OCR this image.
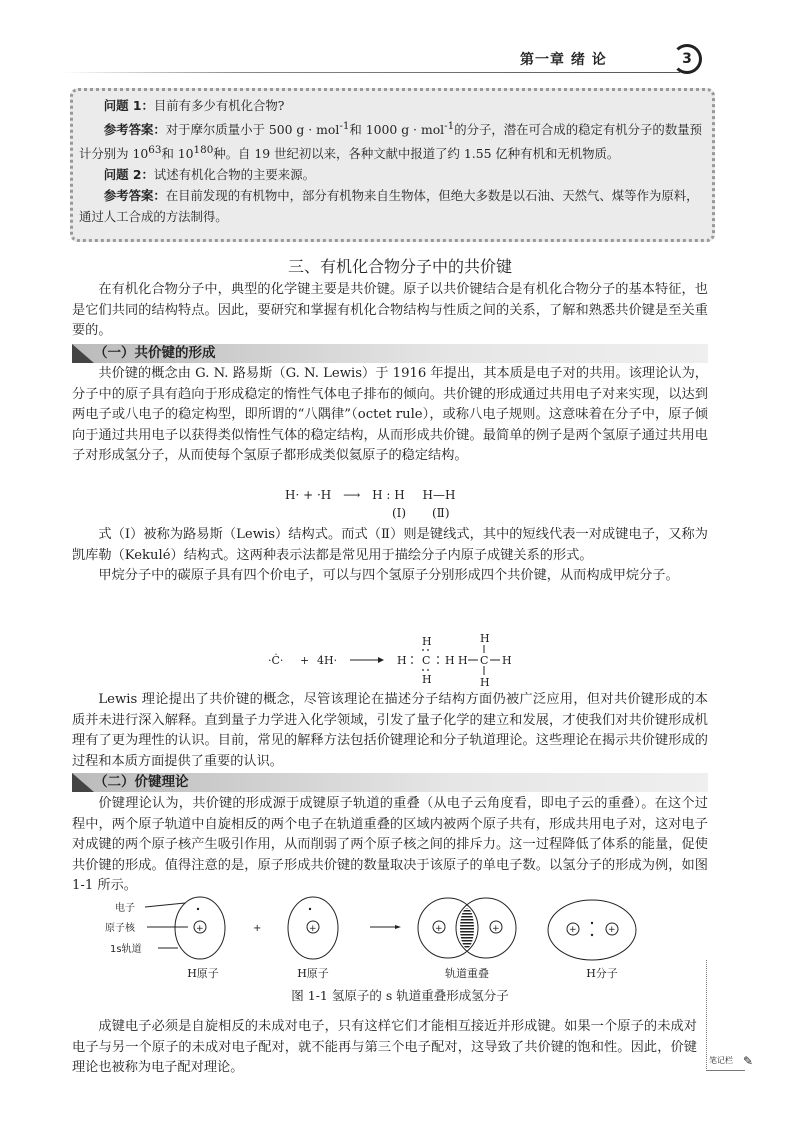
第一章 绪 论	3

问题 1：目前有多少有机化合物?

参考答案：对于摩尔质量小于 500 g · mol$^{-1}$和 1000 g · mol$^{-1}$的分子，潜在可合成的稳定有机分子的数量预计分别为 $10^{63}$和 $10^{180}$种。自 19 世纪初以来，各种文献中报道了约 1.55 亿种有机和无机物质。

问题 2：试述有机化合物的主要来源。

参考答案：在目前发现的有机物中，部分有机物来自生物体，但绝大多数是以石油、天然气、煤等作为原料，通过人工合成的方法制得。

三、有机化合物分子中的共价键

在有机化合物分子中，典型的化学键主要是共价键。原子以共价键结合是有机化合物分子的基本特征，也是它们共同的结构特点。因此，要研究和掌握有机化合物结构与性质之间的关系，了解和熟悉共价键是至关重要的。

（一）共价键的形成

共价键的概念由 G. N. 路易斯（G. N. Lewis）于 1916 年提出，其本质是电子对的共用。该理论认为，分子中的原子具有趋向于形成稳定的惰性气体电子排布的倾向。共价键的形成通过共用电子对来实现，以达到两电子或八电子的稳定构型，即所谓的“八隅律”（octet rule），或称八电子规则。这意味着在分子中，原子倾向于通过共用电子以获得类似惰性气体的稳定结构，从而形成共价键。最简单的例子是两个氢原子通过共用电子对形成氢分子，从而使每个氢原子都形成类似氦原子的稳定结构。

H· + ·H ⟶ H : H H—H
(Ⅰ) (Ⅱ)

式（Ⅰ）被称为路易斯（Lewis）结构式。而式（Ⅱ）则是键线式，其中的短线代表一对成键电子，又称为凯库勒（Kekulé）结构式。这两种表示法都是常见用于描绘分子内原子成键关系的形式。

甲烷分子中的碳原子具有四个价电子，可以与四个氢原子分别形成四个共价键，从而构成甲烷分子。

·Ċ· + 4H·	H C H
H
H
H C H
H
H

Lewis 理论提出了共价键的概念，尽管该理论在描述分子结构方面仍被广泛应用，但对共价键形成的本质并未进行深入解释。直到量子力学进入化学领域，引发了量子化学的建立和发展，才使我们对共价键形成机理有了更为理性的认识。目前，常见的解释方法包括价键理论和分子轨道理论。这些理论在揭示共价键形成的过程和本质方面提供了重要的认识。

（二）价键理论

价键理论认为，共价键的形成源于成键原子轨道的重叠（从电子云角度看，即电子云的重叠）。在这个过程中，两个原子轨道中自旋相反的两个电子在轨道重叠的区域内被两个原子共有，形成共用电子对，这对电子对成键的两个原子核产生吸引作用，从而削弱了两个原子核之间的排斥力。这一过程降低了体系的能量，促使共价键的形成。值得注意的是，原子形成共价键的数量取决于该原子的单电子数。以氢分子的形成为例，如图 1-1 所示。

电子
原子核
1s轨道
+	+	+	+	+	+	+
H原子	H原子	轨道重叠	H分子
图 1-1 氢原子的 s 轨道重叠形成氢分子

成键电子必须是自旋相反的未成对电子，只有这样它们才能相互接近并形成键。如果一个原子的未成对电子与另一个原子的未成对电子配对，就不能再与第三个电子配对，这导致了共价键的饱和性。因此，价键理论也被称为电子配对理论。	笔记栏 ✎
